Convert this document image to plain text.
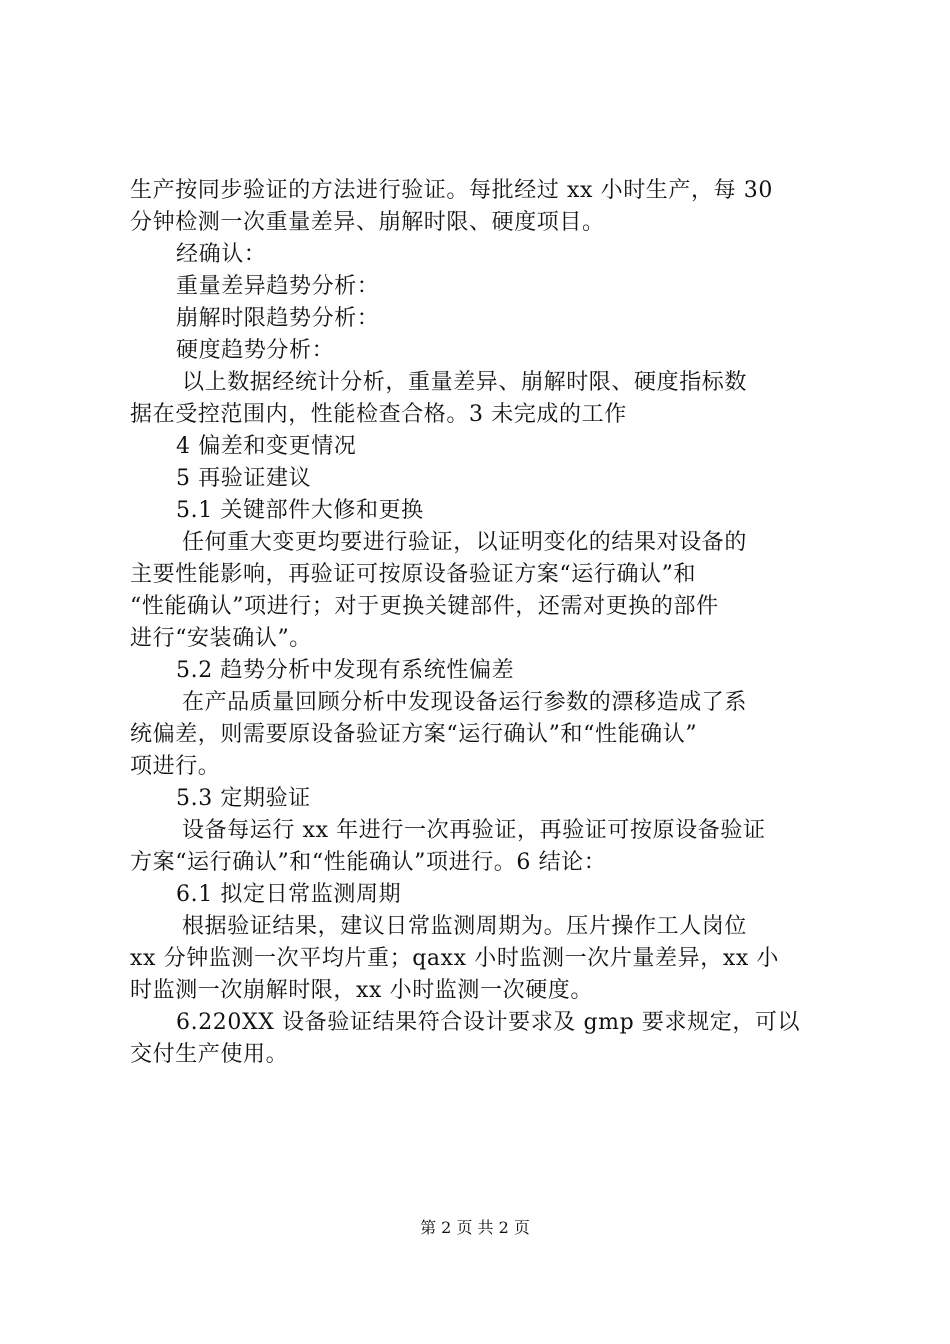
生产按同步验证的方法进行验证。每批经过 xx 小时生产，每 30
分钟检测一次重量差异、崩解时限、硬度项目。
经确认：
重量差异趋势分析：
崩解时限趋势分析：
硬度趋势分析：
以上数据经统计分析，重量差异、崩解时限、硬度指标数
据在受控范围内，性能检查合格。3 未完成的工作
4 偏差和变更情况
5 再验证建议
5.1 关键部件大修和更换
任何重大变更均要进行验证，以证明变化的结果对设备的
主要性能影响，再验证可按原设备验证方案“运行确认”和
“性能确认”项进行；对于更换关键部件，还需对更换的部件
进行“安装确认”。
5.2 趋势分析中发现有系统性偏差
在产品质量回顾分析中发现设备运行参数的漂移造成了系
统偏差，则需要原设备验证方案“运行确认”和“性能确认”
项进行。
5.3 定期验证
设备每运行 xx 年进行一次再验证，再验证可按原设备验证
方案“运行确认”和“性能确认”项进行。6 结论：
6.1 拟定日常监测周期
根据验证结果，建议日常监测周期为。压片操作工人岗位
xx 分钟监测一次平均片重；qaxx 小时监测一次片量差异，xx 小
时监测一次崩解时限，xx 小时监测一次硬度。
6.220XX 设备验证结果符合设计要求及 gmp 要求规定，可以
交付生产使用。
第 2 页 共 2 页
